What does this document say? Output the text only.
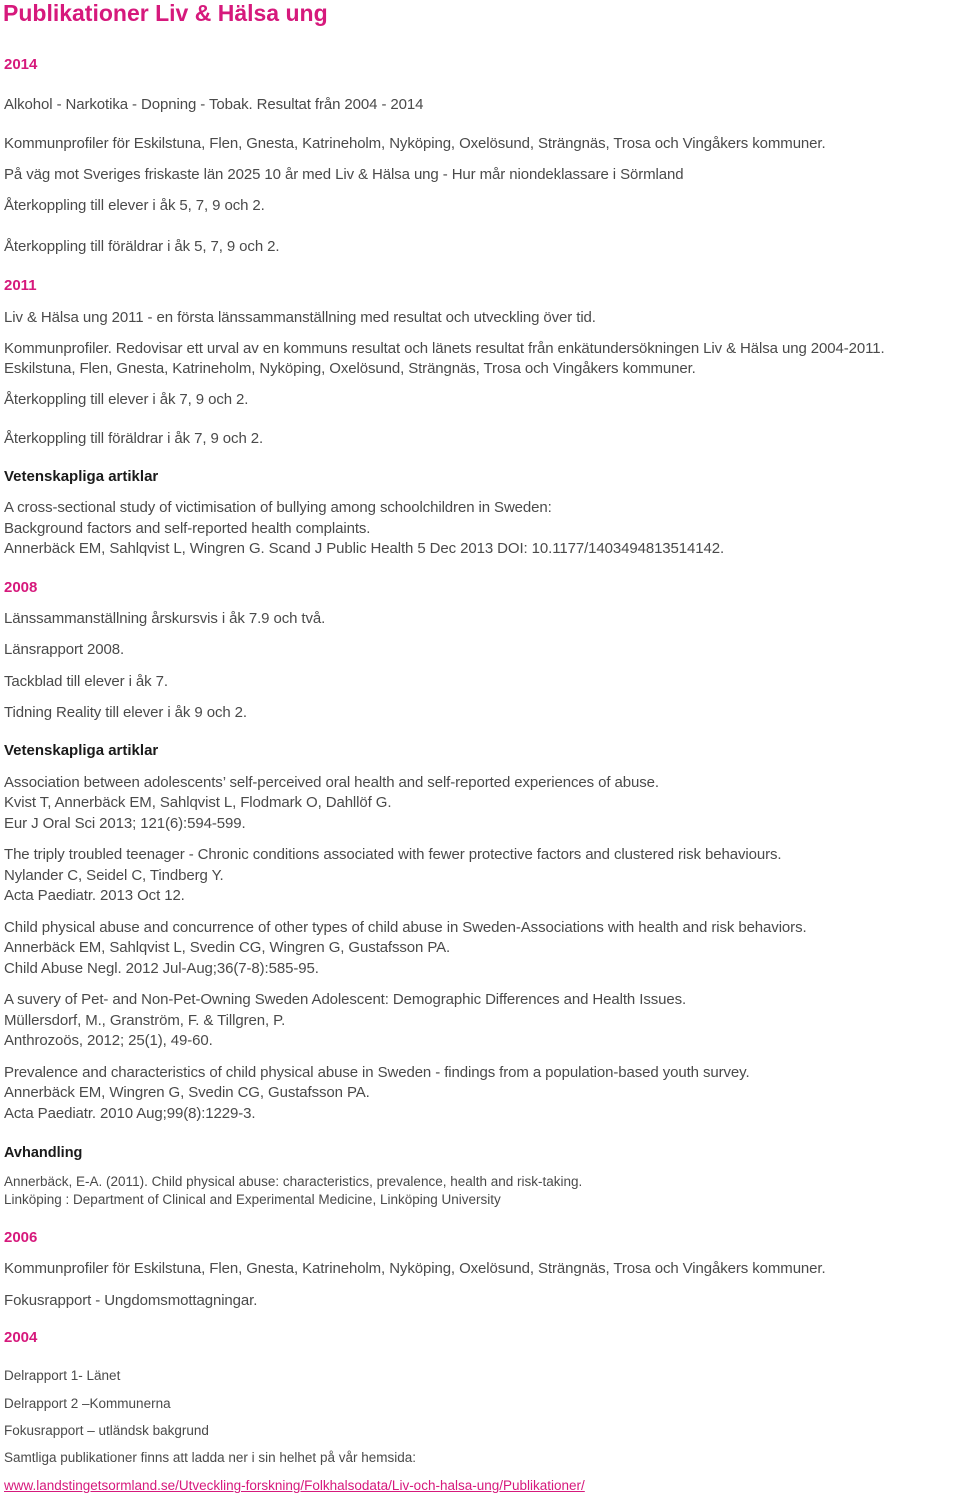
Publikationer Liv & Hälsa ung
2014
Alkohol - Narkotika - Dopning - Tobak. Resultat från 2004 - 2014
Kommunprofiler för Eskilstuna, Flen, Gnesta, Katrineholm, Nyköping, Oxelösund, Strängnäs, Trosa och Vingåkers kommuner.
På väg mot Sveriges friskaste län 2025 10 år med Liv & Hälsa ung - Hur mår niondeklassare i Sörmland
Återkoppling till elever i åk 5, 7, 9 och 2.
Återkoppling till föräldrar i åk 5, 7, 9 och 2.
2011
Liv & Hälsa ung 2011 - en första länssammanställning med resultat och utveckling över tid.
Kommunprofiler. Redovisar ett urval av en kommuns resultat och länets resultat från enkätundersökningen Liv & Hälsa ung 2004-2011.
Eskilstuna, Flen, Gnesta, Katrineholm, Nyköping, Oxelösund, Strängnäs, Trosa och Vingåkers kommuner.
Återkoppling till elever i åk 7, 9 och 2.
Återkoppling till föräldrar i åk 7, 9 och 2.
Vetenskapliga artiklar
A cross-sectional study of victimisation of bullying among schoolchildren in Sweden:
Background factors and self-reported health complaints.
Annerbäck EM, Sahlqvist L, Wingren G. Scand J Public Health 5 Dec 2013 DOI: 10.1177/1403494813514142.
2008
Länssammanställning årskursvis i åk 7.9 och två.
Länsrapport 2008.
Tackblad till elever i åk 7.
Tidning Reality till elever i åk 9 och 2.
Vetenskapliga artiklar
Association between adolescents’ self-perceived oral health and self-reported experiences of abuse.
Kvist T, Annerbäck EM, Sahlqvist L, Flodmark O, Dahllöf G.
Eur J Oral Sci 2013; 121(6):594-599.
The triply troubled teenager - Chronic conditions associated with fewer protective factors and clustered risk behaviours.
Nylander C, Seidel C, Tindberg Y.
Acta Paediatr. 2013 Oct 12.
Child physical abuse and concurrence of other types of child abuse in Sweden-Associations with health and risk behaviors.
Annerbäck EM, Sahlqvist L, Svedin CG, Wingren G, Gustafsson PA.
Child Abuse Negl. 2012 Jul-Aug;36(7-8):585-95.
A suvery of Pet- and Non-Pet-Owning Sweden Adolescent: Demographic Differences and Health Issues.
Müllersdorf, M., Granström, F. & Tillgren, P.
Anthrozoös, 2012; 25(1), 49-60.
Prevalence and characteristics of child physical abuse in Sweden - findings from a population-based youth survey.
Annerbäck EM, Wingren G, Svedin CG, Gustafsson PA.
Acta Paediatr. 2010 Aug;99(8):1229-3.
Avhandling
Annerbäck, E-A. (2011). Child physical abuse: characteristics, prevalence, health and risk-taking.
Linköping : Department of Clinical and Experimental Medicine, Linköping University
2006
Kommunprofiler för Eskilstuna, Flen, Gnesta, Katrineholm, Nyköping, Oxelösund, Strängnäs, Trosa och Vingåkers kommuner.
Fokusrapport - Ungdomsmottagningar.
2004
Delrapport 1- Länet
Delrapport 2 –Kommunerna
Fokusrapport – utländsk bakgrund
Samtliga publikationer finns att ladda ner i sin helhet på vår hemsida:
www.landstingetsormland.se/Utveckling-forskning/Folkhalsodata/Liv-och-halsa-ung/Publikationer/
